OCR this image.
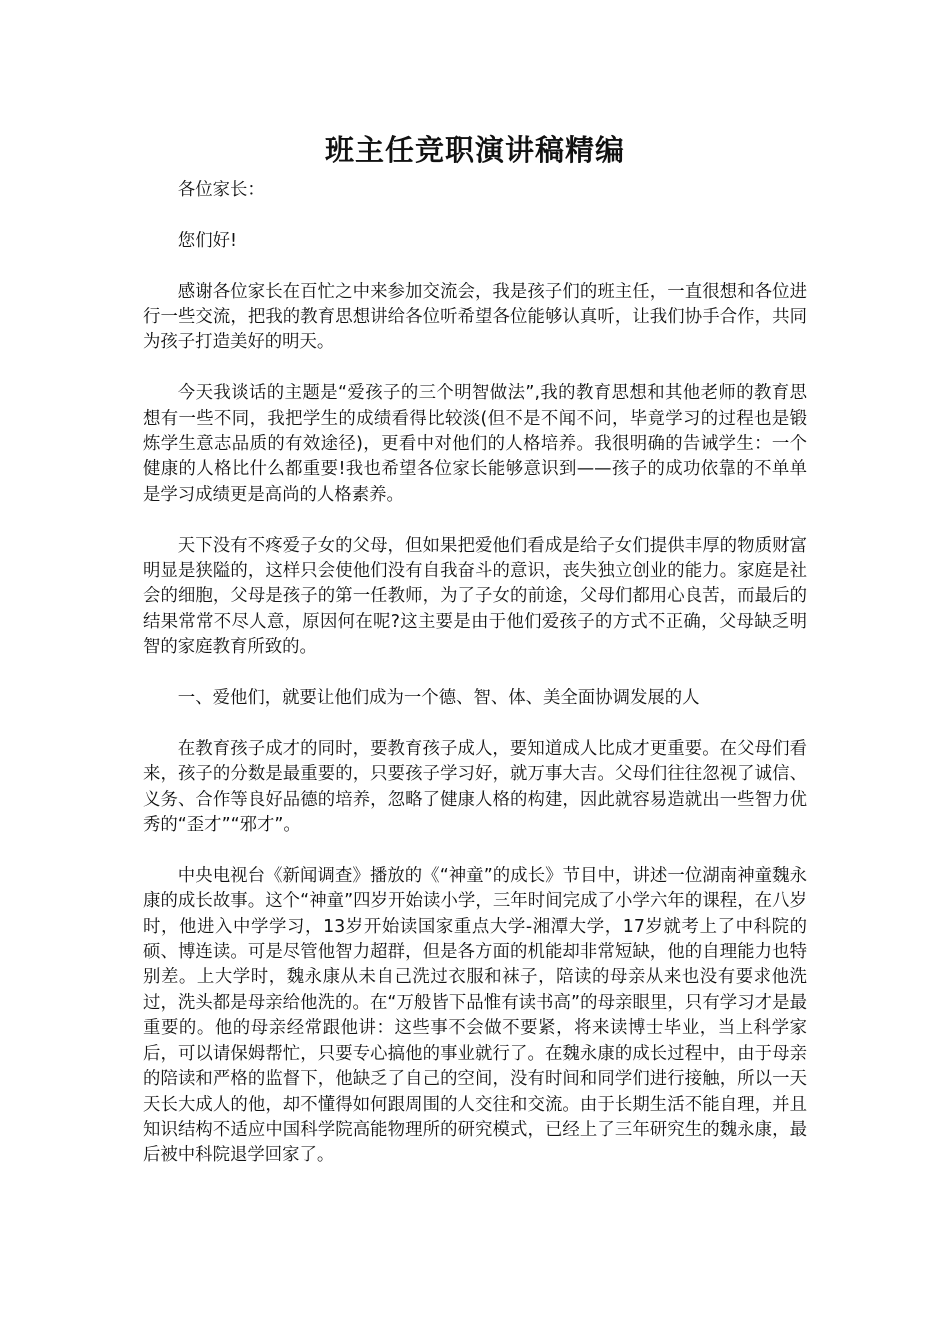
班主任竞职演讲稿精编

各位家长：

您们好!

感谢各位家长在百忙之中来参加交流会，我是孩子们的班主任，一直很想和各位进行一些交流，把我的教育思想讲给各位听希望各位能够认真听，让我们协手合作，共同为孩子打造美好的明天。

今天我谈话的主题是“爱孩子的三个明智做法”,我的教育思想和其他老师的教育思想有一些不同，我把学生的成绩看得比较淡(但不是不闻不问，毕竟学习的过程也是锻炼学生意志品质的有效途径)，更看中对他们的人格培养。我很明确的告诫学生：一个健康的人格比什么都重要!我也希望各位家长能够意识到——孩子的成功依靠的不单单是学习成绩更是高尚的人格素养。

天下没有不疼爱子女的父母，但如果把爱他们看成是给子女们提供丰厚的物质财富明显是狭隘的，这样只会使他们没有自我奋斗的意识，丧失独立创业的能力。家庭是社会的细胞，父母是孩子的第一任教师，为了子女的前途，父母们都用心良苦，而最后的结果常常不尽人意，原因何在呢?这主要是由于他们爱孩子的方式不正确，父母缺乏明智的家庭教育所致的。

一、爱他们，就要让他们成为一个德、智、体、美全面协调发展的人

在教育孩子成才的同时，要教育孩子成人，要知道成人比成才更重要。在父母们看来，孩子的分数是最重要的，只要孩子学习好，就万事大吉。父母们往往忽视了诚信、义务、合作等良好品德的培养，忽略了健康人格的构建，因此就容易造就出一些智力优秀的“歪才”“邪才”。

中央电视台《新闻调查》播放的《“神童”的成长》节目中，讲述一位湖南神童魏永康的成长故事。这个“神童”四岁开始读小学，三年时间完成了小学六年的课程，在八岁时，他进入中学学习，13岁开始读国家重点大学-湘潭大学，17岁就考上了中科院的硕、博连读。可是尽管他智力超群，但是各方面的机能却非常短缺，他的自理能力也特别差。上大学时，魏永康从未自己洗过衣服和袜子，陪读的母亲从来也没有要求他洗过，洗头都是母亲给他洗的。在“万般皆下品惟有读书高”的母亲眼里，只有学习才是最重要的。他的母亲经常跟他讲：这些事不会做不要紧，将来读博士毕业，当上科学家后，可以请保姆帮忙，只要专心搞他的事业就行了。在魏永康的成长过程中，由于母亲的陪读和严格的监督下，他缺乏了自己的空间，没有时间和同学们进行接触，所以一天天长大成人的他，却不懂得如何跟周围的人交往和交流。由于长期生活不能自理，并且知识结构不适应中国科学院高能物理所的研究模式，已经上了三年研究生的魏永康，最后被中科院退学回家了。
